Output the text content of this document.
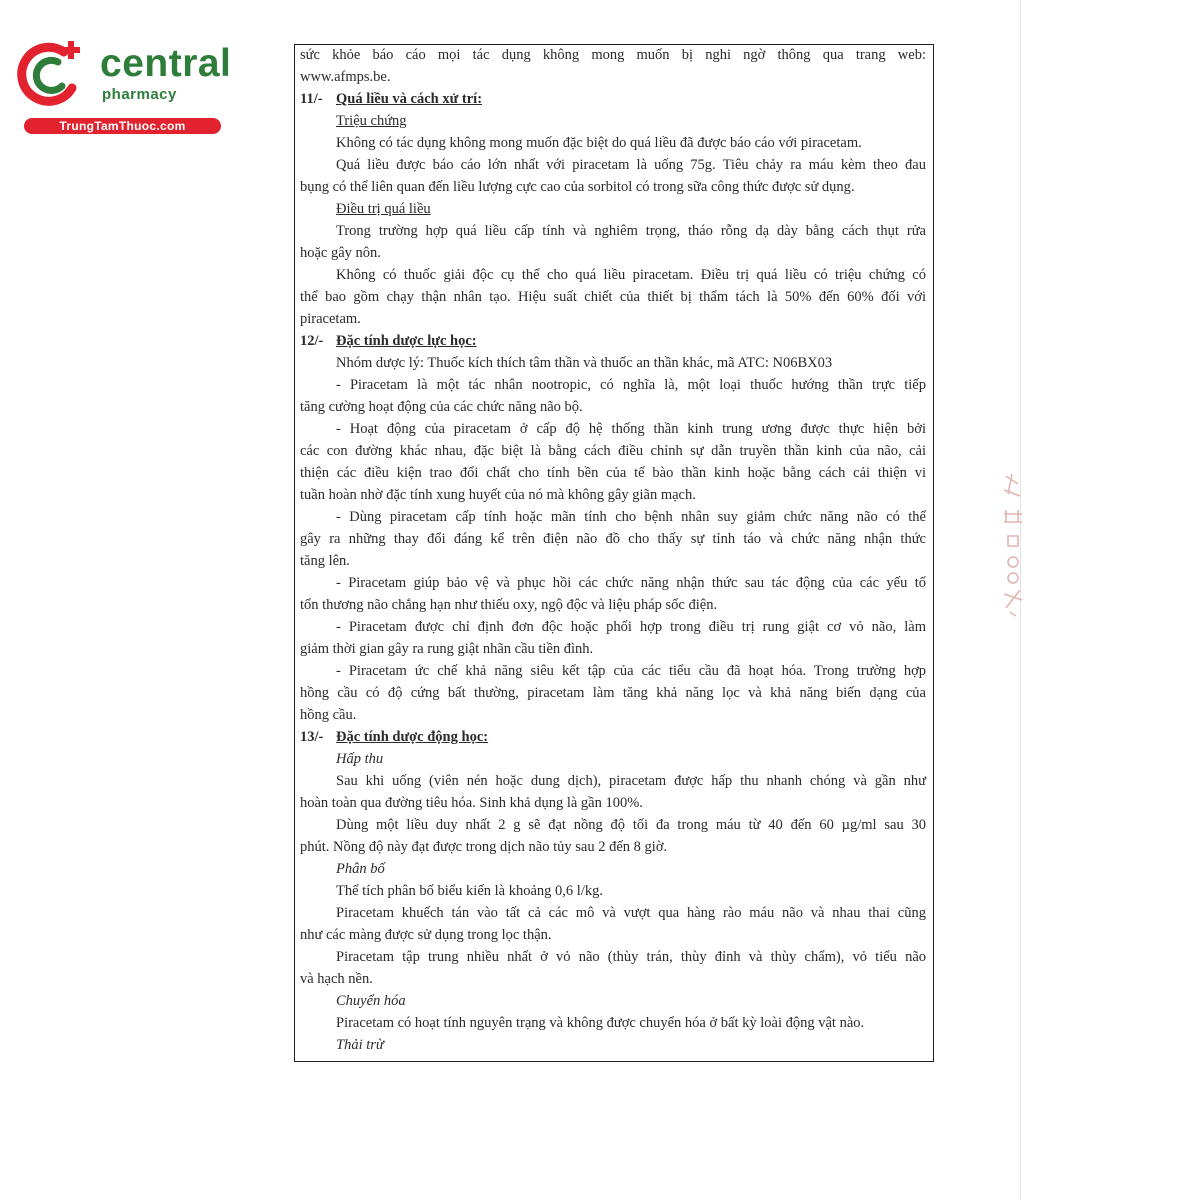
central
pharmacy
TrungTamThuoc.com

sức khỏe báo cáo mọi tác dụng không mong muốn bị nghi ngờ thông qua trang web:

www.afmps.be.

11/- Quá liều và cách xử trí:

Triệu chứng

Không có tác dụng không mong muốn đặc biệt do quá liều đã được báo cáo với piracetam.

Quá liều được báo cáo lớn nhất với piracetam là uống 75g. Tiêu chảy ra máu kèm theo đau

bụng có thể liên quan đến liều lượng cực cao của sorbitol có trong sữa công thức được sử dụng.

Điều trị quá liều

Trong trường hợp quá liều cấp tính và nghiêm trọng, tháo rỗng dạ dày bằng cách thụt rửa

hoặc gây nôn.

Không có thuốc giải độc cụ thể cho quá liều piracetam. Điều trị quá liều có triệu chứng có

thể bao gồm chạy thận nhân tạo. Hiệu suất chiết của thiết bị thẩm tách là 50% đến 60% đối với

piracetam.

12/- Đặc tính dược lực học:

Nhóm dược lý: Thuốc kích thích tâm thần và thuốc an thần khác, mã ATC: N06BX03

- Piracetam là một tác nhân nootropic, có nghĩa là, một loại thuốc hướng thần trực tiếp

tăng cường hoạt động của các chức năng não bộ.

- Hoạt động của piracetam ở cấp độ hệ thống thần kinh trung ương được thực hiện bởi

các con đường khác nhau, đặc biệt là bằng cách điều chỉnh sự dẫn truyền thần kinh của não, cải

thiện các điều kiện trao đổi chất cho tính bền của tế bào thần kinh hoặc bằng cách cải thiện vi

tuần hoàn nhờ đặc tính xung huyết của nó mà không gây giãn mạch.

- Dùng piracetam cấp tính hoặc mãn tính cho bệnh nhân suy giảm chức năng não có thể

gây ra những thay đổi đáng kể trên điện não đồ cho thấy sự tỉnh táo và chức năng nhận thức

tăng lên.

- Piracetam giúp bảo vệ và phục hồi các chức năng nhận thức sau tác động của các yếu tố

tổn thương não chẳng hạn như thiếu oxy, ngộ độc và liệu pháp sốc điện.

- Piracetam được chỉ định đơn độc hoặc phối hợp trong điều trị rung giật cơ vỏ não, làm

giảm thời gian gây ra rung giật nhãn cầu tiền đình.

- Piracetam ức chế khả năng siêu kết tập của các tiểu cầu đã hoạt hóa. Trong trường hợp

hồng cầu có độ cứng bất thường, piracetam làm tăng khả năng lọc và khả năng biến dạng của

hồng cầu.

13/- Đặc tính dược động học:

Hấp thu

Sau khi uống (viên nén hoặc dung dịch), piracetam được hấp thu nhanh chóng và gần như

hoàn toàn qua đường tiêu hóa. Sinh khả dụng là gần 100%.

Dùng một liều duy nhất 2 g sẽ đạt nồng độ tối đa trong máu từ 40 đến 60 µg/ml sau 30

phút. Nồng độ này đạt được trong dịch não tủy sau 2 đến 8 giờ.

Phân bố

Thể tích phân bố biểu kiến là khoảng 0,6 l/kg.

Piracetam khuếch tán vào tất cả các mô và vượt qua hàng rào máu não và nhau thai cũng

như các màng được sử dụng trong lọc thận.

Piracetam tập trung nhiều nhất ở vỏ não (thùy trán, thùy đỉnh và thùy chẩm), vỏ tiểu não

và hạch nền.

Chuyển hóa

Piracetam có hoạt tính nguyên trạng và không được chuyển hóa ở bất kỳ loài động vật nào.

Thải trừ
